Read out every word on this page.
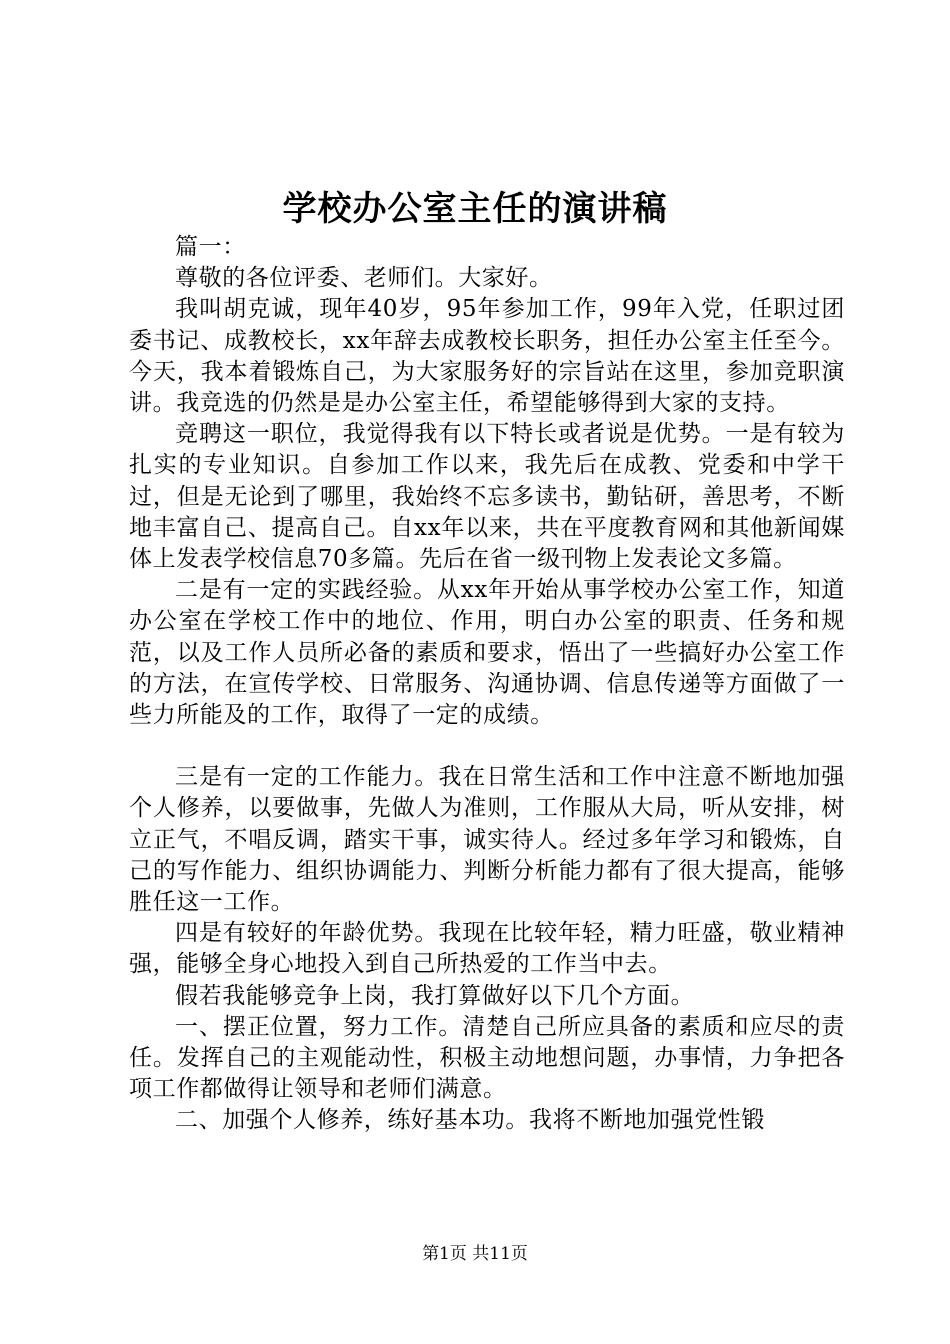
学校办公室主任的演讲稿

篇一：

尊敬的各位评委、老师们。大家好。

我叫胡克诚，现年40岁，95年参加工作，99年入党，任职过团委书记、成教校长，xx年辞去成教校长职务，担任办公室主任至今。今天，我本着锻炼自己，为大家服务好的宗旨站在这里，参加竞职演讲。我竞选的仍然是是办公室主任，希望能够得到大家的支持。

竞聘这一职位，我觉得我有以下特长或者说是优势。一是有较为扎实的专业知识。自参加工作以来，我先后在成教、党委和中学干过，但是无论到了哪里，我始终不忘多读书，勤钻研，善思考，不断地丰富自己、提高自己。自xx年以来，共在平度教育网和其他新闻媒体上发表学校信息70多篇。先后在省一级刊物上发表论文多篇。

二是有一定的实践经验。从xx年开始从事学校办公室工作，知道办公室在学校工作中的地位、作用，明白办公室的职责、任务和规范，以及工作人员所必备的素质和要求，悟出了一些搞好办公室工作的方法，在宣传学校、日常服务、沟通协调、信息传递等方面做了一些力所能及的工作，取得了一定的成绩。

三是有一定的工作能力。我在日常生活和工作中注意不断地加强个人修养，以要做事，先做人为准则，工作服从大局，听从安排，树立正气，不唱反调，踏实干事，诚实待人。经过多年学习和锻炼，自己的写作能力、组织协调能力、判断分析能力都有了很大提高，能够胜任这一工作。

四是有较好的年龄优势。我现在比较年轻，精力旺盛，敬业精神强，能够全身心地投入到自己所热爱的工作当中去。

假若我能够竞争上岗，我打算做好以下几个方面。

一、摆正位置，努力工作。清楚自己所应具备的素质和应尽的责任。发挥自己的主观能动性，积极主动地想问题，办事情，力争把各项工作都做得让领导和老师们满意。

二、加强个人修养，练好基本功。我将不断地加强党性锻

第1页 共11页
